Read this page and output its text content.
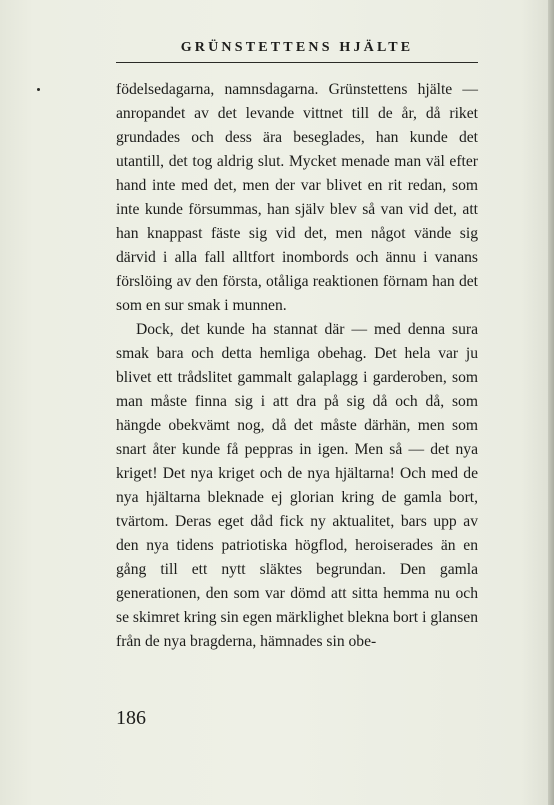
GRÜNSTETTENS HJÄLTE

födelsedagarna, namnsdagarna. Grünstettens hjälte — anropandet av det levande vittnet till de år, då riket grundades och dess ära beseglades, han kunde det utantill, det tog aldrig slut. Mycket menade man väl efter hand inte med det, men der var blivet en rit redan, som inte kunde försummas, han själv blev så van vid det, att han knappast fäste sig vid det, men något vände sig därvid i alla fall alltfort inombords och ännu i vanans förslöing av den första, otåliga reaktionen förnam han det som en sur smak i munnen.

Dock, det kunde ha stannat där — med denna sura smak bara och detta hemliga obehag. Det hela var ju blivet ett trådslitet gammalt galaplagg i garderoben, som man måste finna sig i att dra på sig då och då, som hängde obekvämt nog, då det måste därhän, men som snart åter kunde få peppras in igen. Men så — det nya kriget! Det nya kriget och de nya hjältarna! Och med de nya hjältarna bleknade ej glorian kring de gamla bort, tvärtom. Deras eget dåd fick ny aktualitet, bars upp av den nya tidens patriotiska högflod, heroiserades än en gång till ett nytt släktes begrundan. Den gamla generationen, den som var dömd att sitta hemma nu och se skimret kring sin egen märklighet blekna bort i glansen från de nya bragderna, hämnades sin obe-

186
